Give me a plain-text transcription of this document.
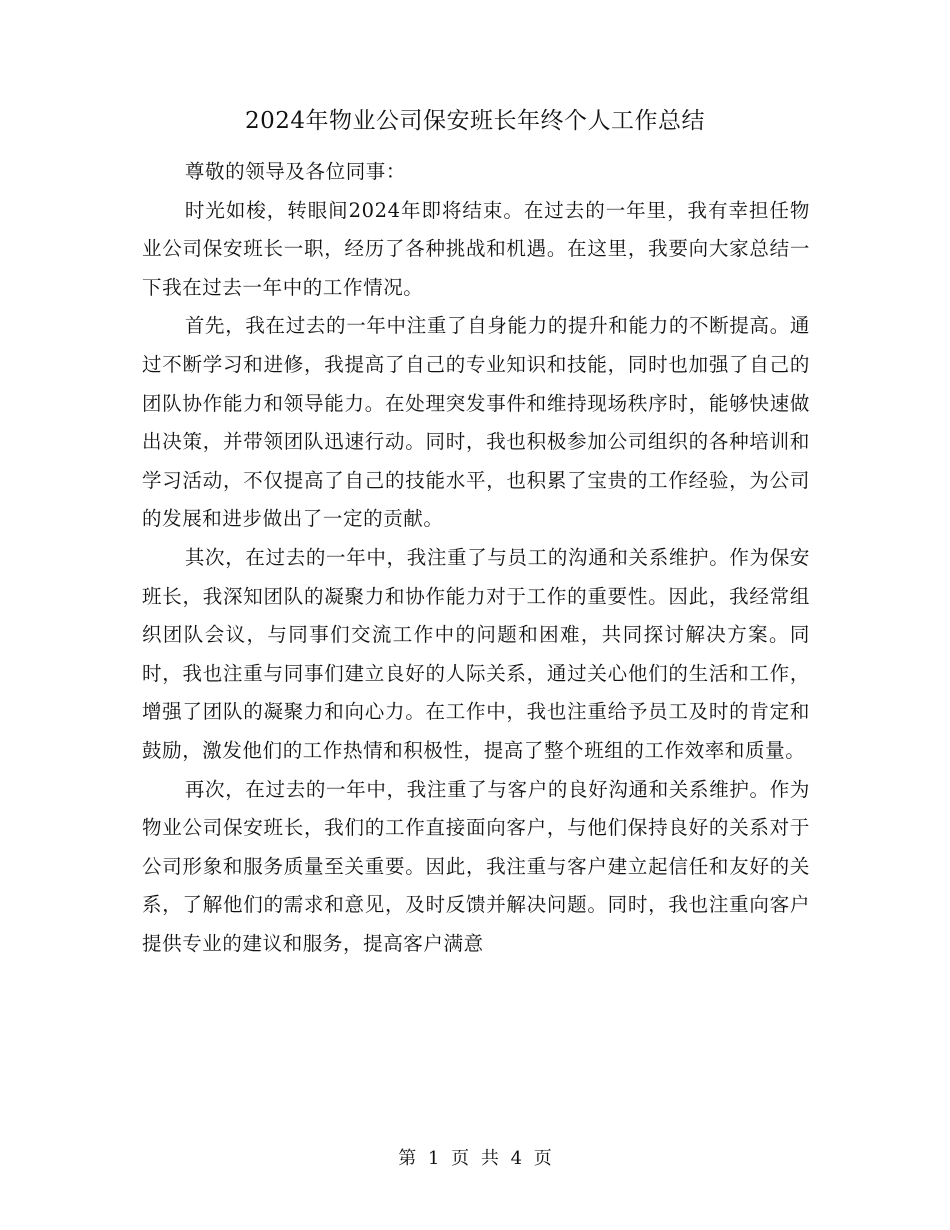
2024年物业公司保安班长年终个人工作总结

尊敬的领导及各位同事：

时光如梭，转眼间2024年即将结束。在过去的一年里，我有幸担任物业公司保安班长一职，经历了各种挑战和机遇。在这里，我要向大家总结一下我在过去一年中的工作情况。

首先，我在过去的一年中注重了自身能力的提升和能力的不断提高。通过不断学习和进修，我提高了自己的专业知识和技能，同时也加强了自己的团队协作能力和领导能力。在处理突发事件和维持现场秩序时，能够快速做出决策，并带领团队迅速行动。同时，我也积极参加公司组织的各种培训和学习活动，不仅提高了自己的技能水平，也积累了宝贵的工作经验，为公司的发展和进步做出了一定的贡献。

其次，在过去的一年中，我注重了与员工的沟通和关系维护。作为保安班长，我深知团队的凝聚力和协作能力对于工作的重要性。因此，我经常组织团队会议，与同事们交流工作中的问题和困难，共同探讨解决方案。同时，我也注重与同事们建立良好的人际关系，通过关心他们的生活和工作，增强了团队的凝聚力和向心力。在工作中，我也注重给予员工及时的肯定和鼓励，激发他们的工作热情和积极性，提高了整个班组的工作效率和质量。

再次，在过去的一年中，我注重了与客户的良好沟通和关系维护。作为物业公司保安班长，我们的工作直接面向客户，与他们保持良好的关系对于公司形象和服务质量至关重要。因此，我注重与客户建立起信任和友好的关系，了解他们的需求和意见，及时反馈并解决问题。同时，我也注重向客户提供专业的建议和服务，提高客户满意

第 1 页 共 4 页
